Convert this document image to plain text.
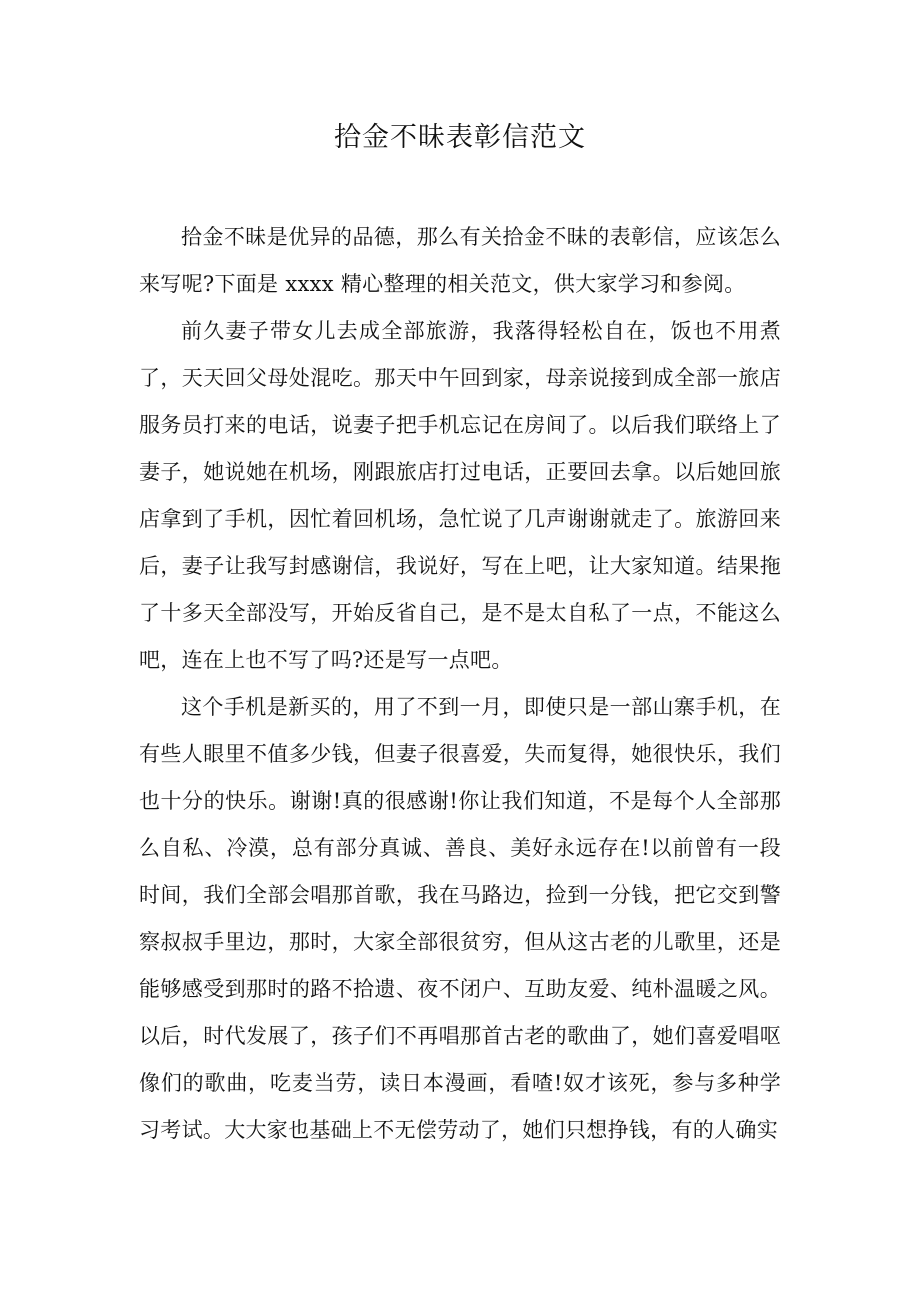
拾金不昧表彰信范文

拾金不昧是优异的品德，那么有关拾金不昧的表彰信，应该怎么来写呢?下面是 xxxx 精心整理的相关范文，供大家学习和参阅。

前久妻子带女儿去成全部旅游，我落得轻松自在，饭也不用煮了，天天回父母处混吃。那天中午回到家，母亲说接到成全部一旅店服务员打来的电话，说妻子把手机忘记在房间了。以后我们联络上了妻子，她说她在机场，刚跟旅店打过电话，正要回去拿。以后她回旅店拿到了手机，因忙着回机场，急忙说了几声谢谢就走了。旅游回来后，妻子让我写封感谢信，我说好，写在上吧，让大家知道。结果拖了十多天全部没写，开始反省自己，是不是太自私了一点，不能这么吧，连在上也不写了吗?还是写一点吧。

这个手机是新买的，用了不到一月，即使只是一部山寨手机，在有些人眼里不值多少钱，但妻子很喜爱，失而复得，她很快乐，我们也十分的快乐。谢谢!真的很感谢!你让我们知道，不是每个人全部那么自私、冷漠，总有部分真诚、善良、美好永远存在!以前曾有一段时间，我们全部会唱那首歌，我在马路边，捡到一分钱，把它交到警察叔叔手里边，那时，大家全部很贫穷，但从这古老的儿歌里，还是能够感受到那时的路不拾遗、夜不闭户、互助友爱、纯朴温暖之风。以后，时代发展了，孩子们不再唱那首古老的歌曲了，她们喜爱唱呕像们的歌曲，吃麦当劳，读日本漫画，看喳!奴才该死，参与多种学习考试。大大家也基础上不无偿劳动了，她们只想挣钱，有的人确实
